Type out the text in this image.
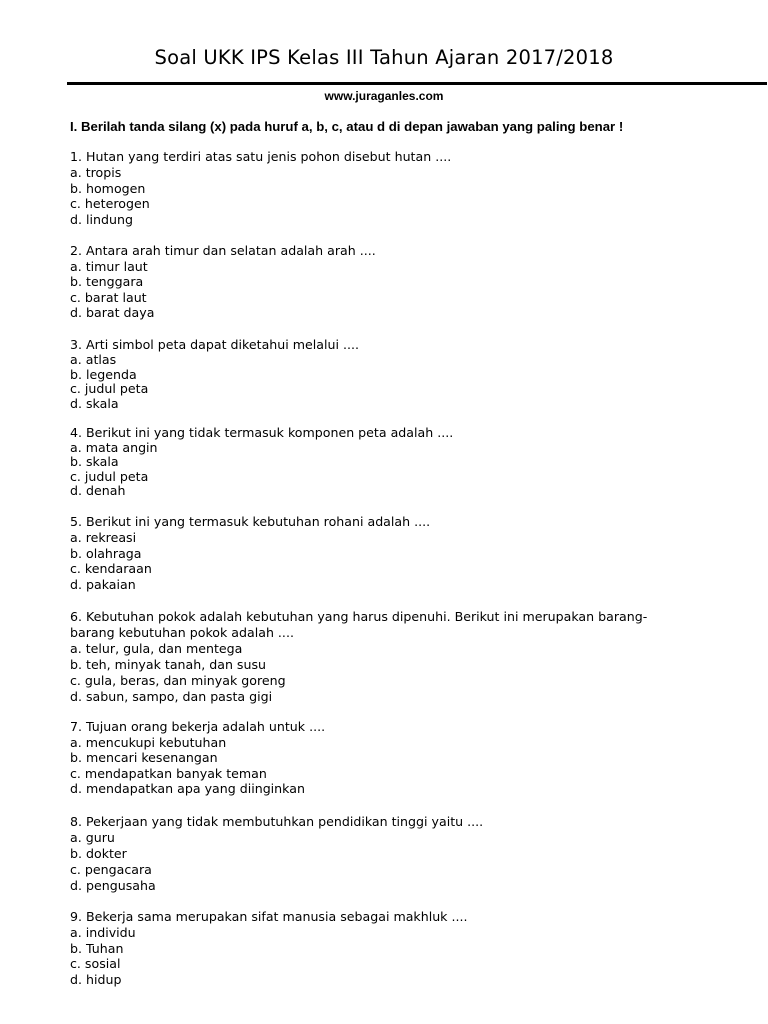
Soal UKK IPS Kelas III Tahun Ajaran 2017/2018
www.juraganles.com
I. Berilah tanda silang (x) pada huruf a, b, c, atau d di depan jawaban yang paling benar !
1. Hutan yang terdiri atas satu jenis pohon disebut hutan ....
a. tropis
b. homogen
c. heterogen
d. lindung
2. Antara arah timur dan selatan adalah arah ....
a. timur laut
b. tenggara
c. barat laut
d. barat daya
3. Arti simbol peta dapat diketahui melalui ....
a. atlas
b. legenda
c. judul peta
d. skala
4. Berikut ini yang tidak termasuk komponen peta adalah ....
a. mata angin
b. skala
c. judul peta
d. denah
5. Berikut ini yang termasuk kebutuhan rohani adalah ....
a. rekreasi
b. olahraga
c. kendaraan
d. pakaian
6. Kebutuhan pokok adalah kebutuhan yang harus dipenuhi. Berikut ini merupakan barang-barang kebutuhan pokok adalah ....
a. telur, gula, dan mentega
b. teh, minyak tanah, dan susu
c. gula, beras, dan minyak goreng
d. sabun, sampo, dan pasta gigi
7. Tujuan orang bekerja adalah untuk ....
a. mencukupi kebutuhan
b. mencari kesenangan
c. mendapatkan banyak teman
d. mendapatkan apa yang diinginkan
8. Pekerjaan yang tidak membutuhkan pendidikan tinggi yaitu ....
a. guru
b. dokter
c. pengacara
d. pengusaha
9. Bekerja sama merupakan sifat manusia sebagai makhluk ....
a. individu
b. Tuhan
c. sosial
d. hidup
